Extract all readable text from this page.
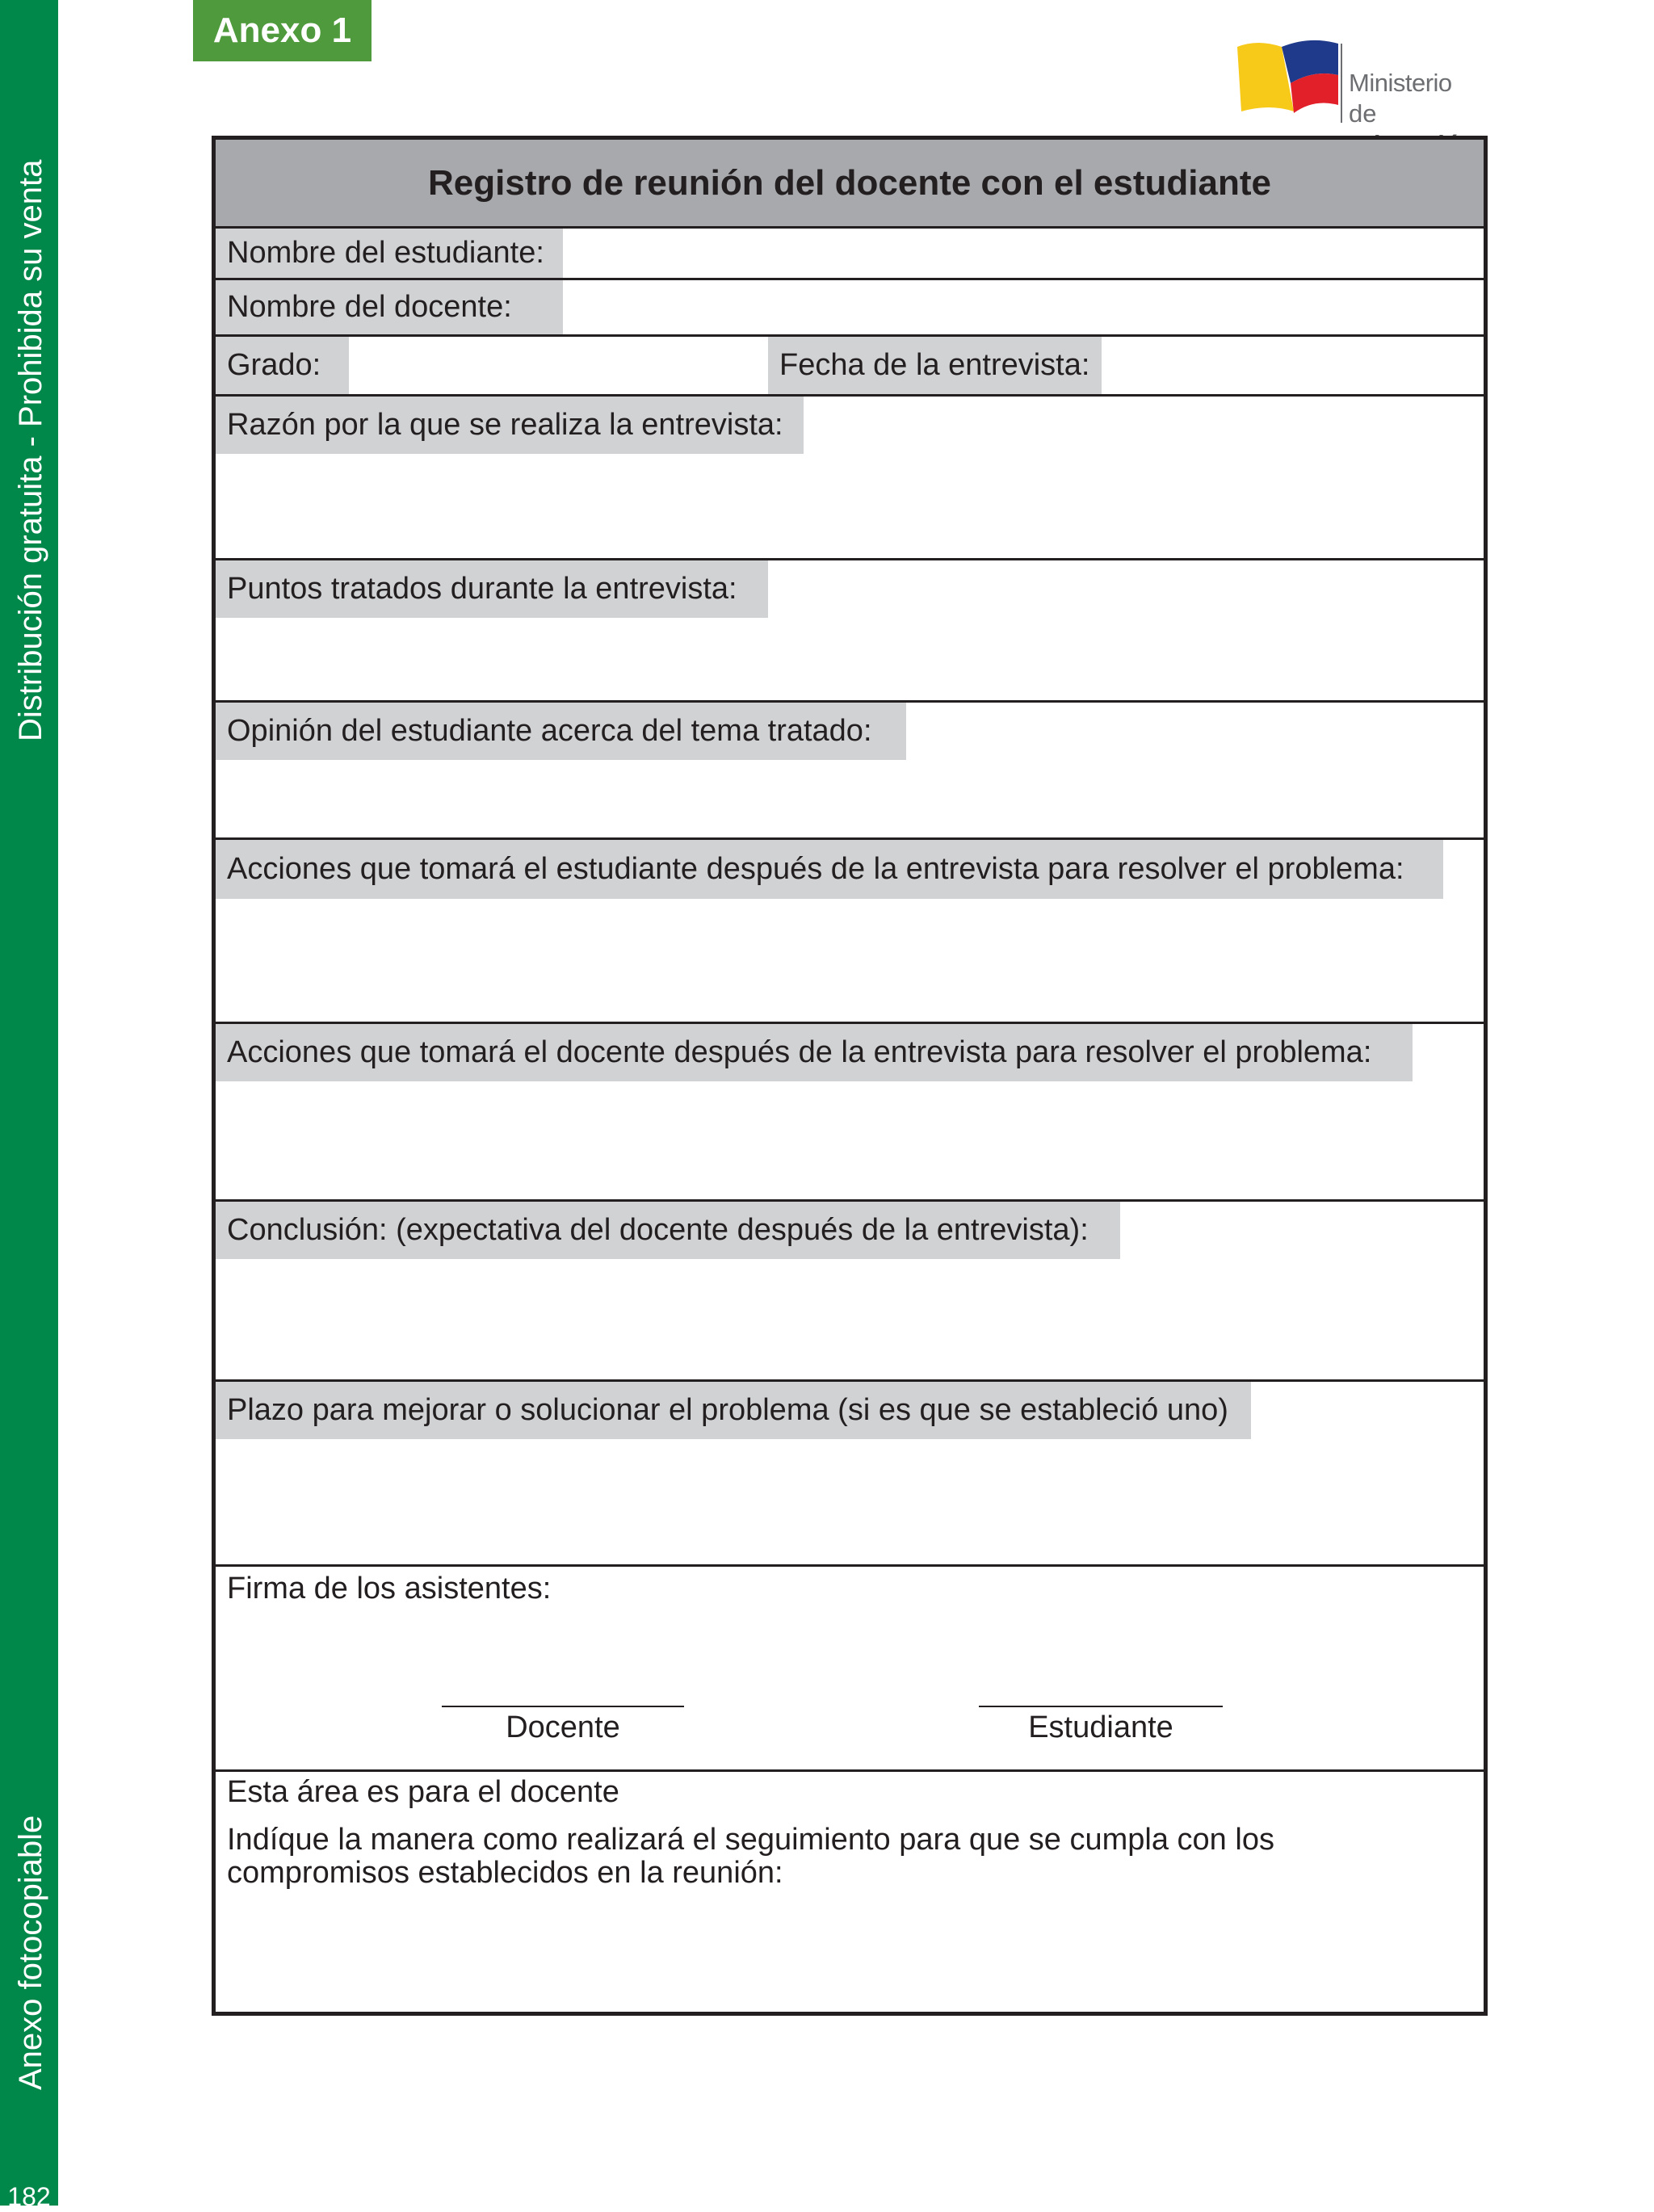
Distribución gratuita - Prohibida su venta
Anexo fotocopiable
182
Anexo 1
Ministerio
de
Registro de reunión del docente con el estudiante
Nombre del estudiante:
Nombre del docente:
Grado:	Fecha de la entrevista:
Razón por la que se realiza la entrevista:
Puntos tratados durante la entrevista:
Opinión del estudiante acerca del tema tratado:
Acciones que tomará el estudiante después de la entrevista para resolver el problema:
Acciones que tomará el docente después de la entrevista para resolver el problema:
Conclusión: (expectativa del docente después de la entrevista):
Plazo para mejorar o solucionar el problema (si es que se estableció uno)
Firma de los asistentes:
Docente	Estudiante
Esta área es para el docente
Indíque la manera como realizará el seguimiento para que se cumpla con los compromisos establecidos en la reunión:
